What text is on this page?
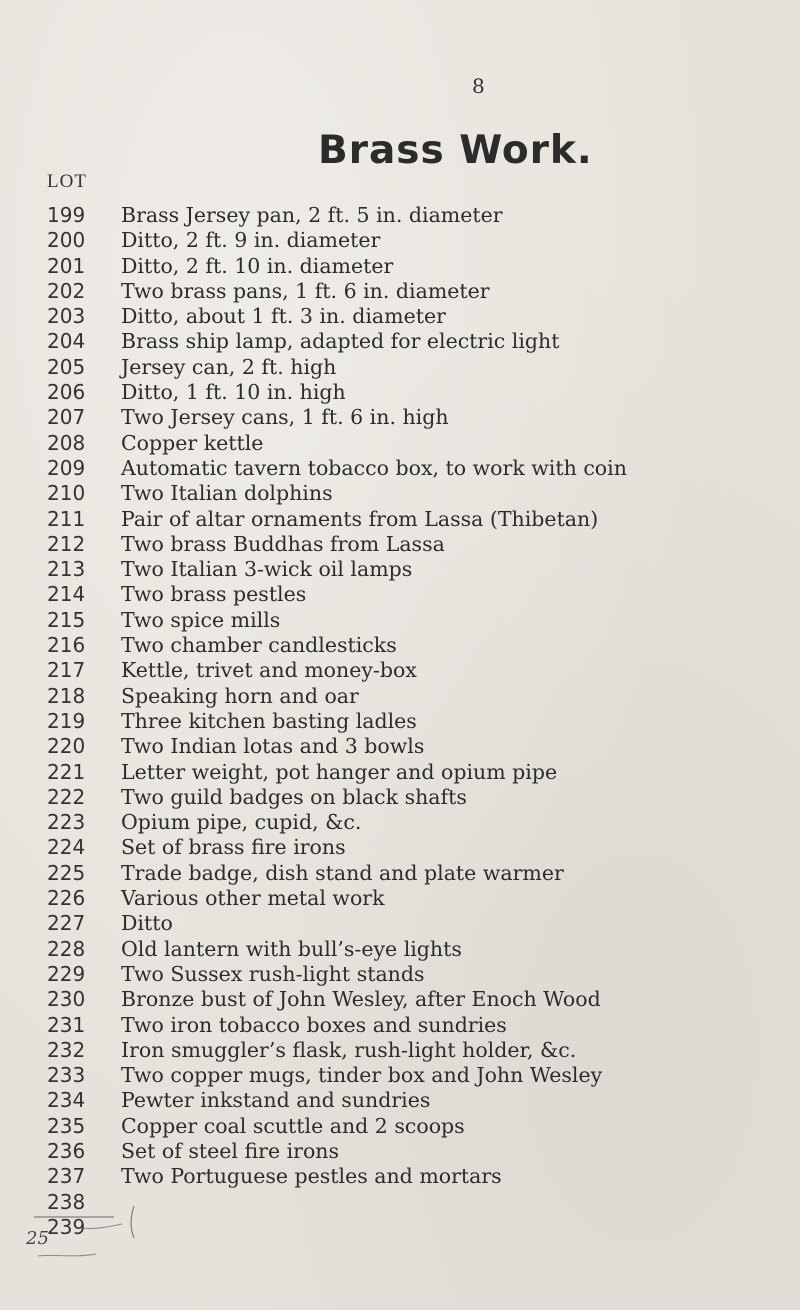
8
Brass Work.
LOT
199 Brass Jersey pan, 2 ft. 5 in. diameter
200 Ditto, 2 ft. 9 in. diameter
201 Ditto, 2 ft. 10 in. diameter
202 Two brass pans, 1 ft. 6 in. diameter
203 Ditto, about 1 ft. 3 in. diameter
204 Brass ship lamp, adapted for electric light
205 Jersey can, 2 ft. high
206 Ditto, 1 ft. 10 in. high
207 Two Jersey cans, 1 ft. 6 in. high
208 Copper kettle
209 Automatic tavern tobacco box, to work with coin
210 Two Italian dolphins
211 Pair of altar ornaments from Lassa (Thibetan)
212 Two brass Buddhas from Lassa
213 Two Italian 3-wick oil lamps
214 Two brass pestles
215 Two spice mills
216 Two chamber candlesticks
217 Kettle, trivet and money-box
218 Speaking horn and oar
219 Three kitchen basting ladles
220 Two Indian lotas and 3 bowls
221 Letter weight, pot hanger and opium pipe
222 Two guild badges on black shafts
223 Opium pipe, cupid, &c.
224 Set of brass fire irons
225 Trade badge, dish stand and plate warmer
226 Various other metal work
227 Ditto
228 Old lantern with bull’s-eye lights
229 Two Sussex rush-light stands
230 Bronze bust of John Wesley, after Enoch Wood
231 Two iron tobacco boxes and sundries
232 Iron smuggler’s flask, rush-light holder, &c.
233 Two copper mugs, tinder box and John Wesley
234 Pewter inkstand and sundries
235 Copper coal scuttle and 2 scoops
236 Set of steel fire irons
237 Two Portuguese pestles and mortars
238
239
25
